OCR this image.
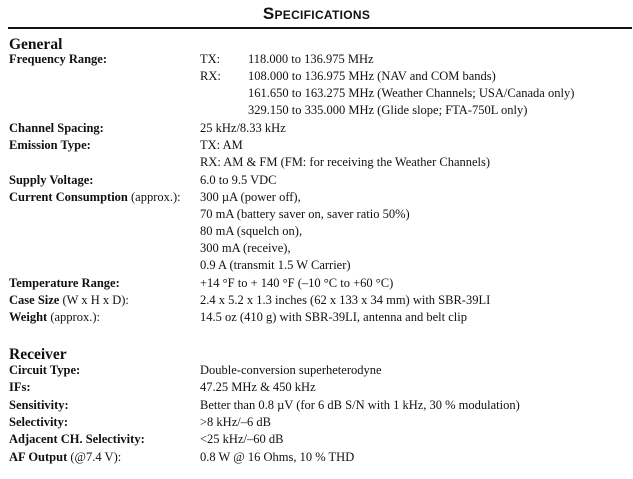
Specifications
General
Frequency Range:	TX: 118.000 to 136.975 MHz
RX: 108.000 to 136.975 MHz (NAV and COM bands)
161.650 to 163.275 MHz (Weather Channels; USA/Canada only)
329.150 to 335.000 MHz (Glide slope; FTA-750L only)
Channel Spacing:	25 kHz/8.33 kHz
Emission Type:	TX: AM
RX: AM & FM (FM: for receiving the Weather Channels)
Supply Voltage:	6.0 to 9.5 VDC
Current Consumption (approx.): 300 µA (power off),
70 mA (battery saver on, saver ratio 50%)
80 mA (squelch on),
300 mA (receive),
0.9 A (transmit 1.5 W Carrier)
Temperature Range:	+14 °F to + 140 °F (–10 °C to +60 °C)
Case Size (W x H x D):	2.4 x 5.2 x 1.3 inches (62 x 133 x 34 mm) with SBR-39LI
Weight (approx.):	14.5 oz (410 g) with SBR-39LI, antenna and belt clip
Receiver
Circuit Type:	Double-conversion superheterodyne
IFs:	47.25 MHz & 450 kHz
Sensitivity:	Better than 0.8 µV (for 6 dB S/N with 1 kHz, 30 % modulation)
Selectivity:	>8 kHz/–6 dB
Adjacent CH. Selectivity:	<25 kHz/–60 dB
AF Output (@7.4 V):	0.8 W @ 16 Ohms, 10 % THD
